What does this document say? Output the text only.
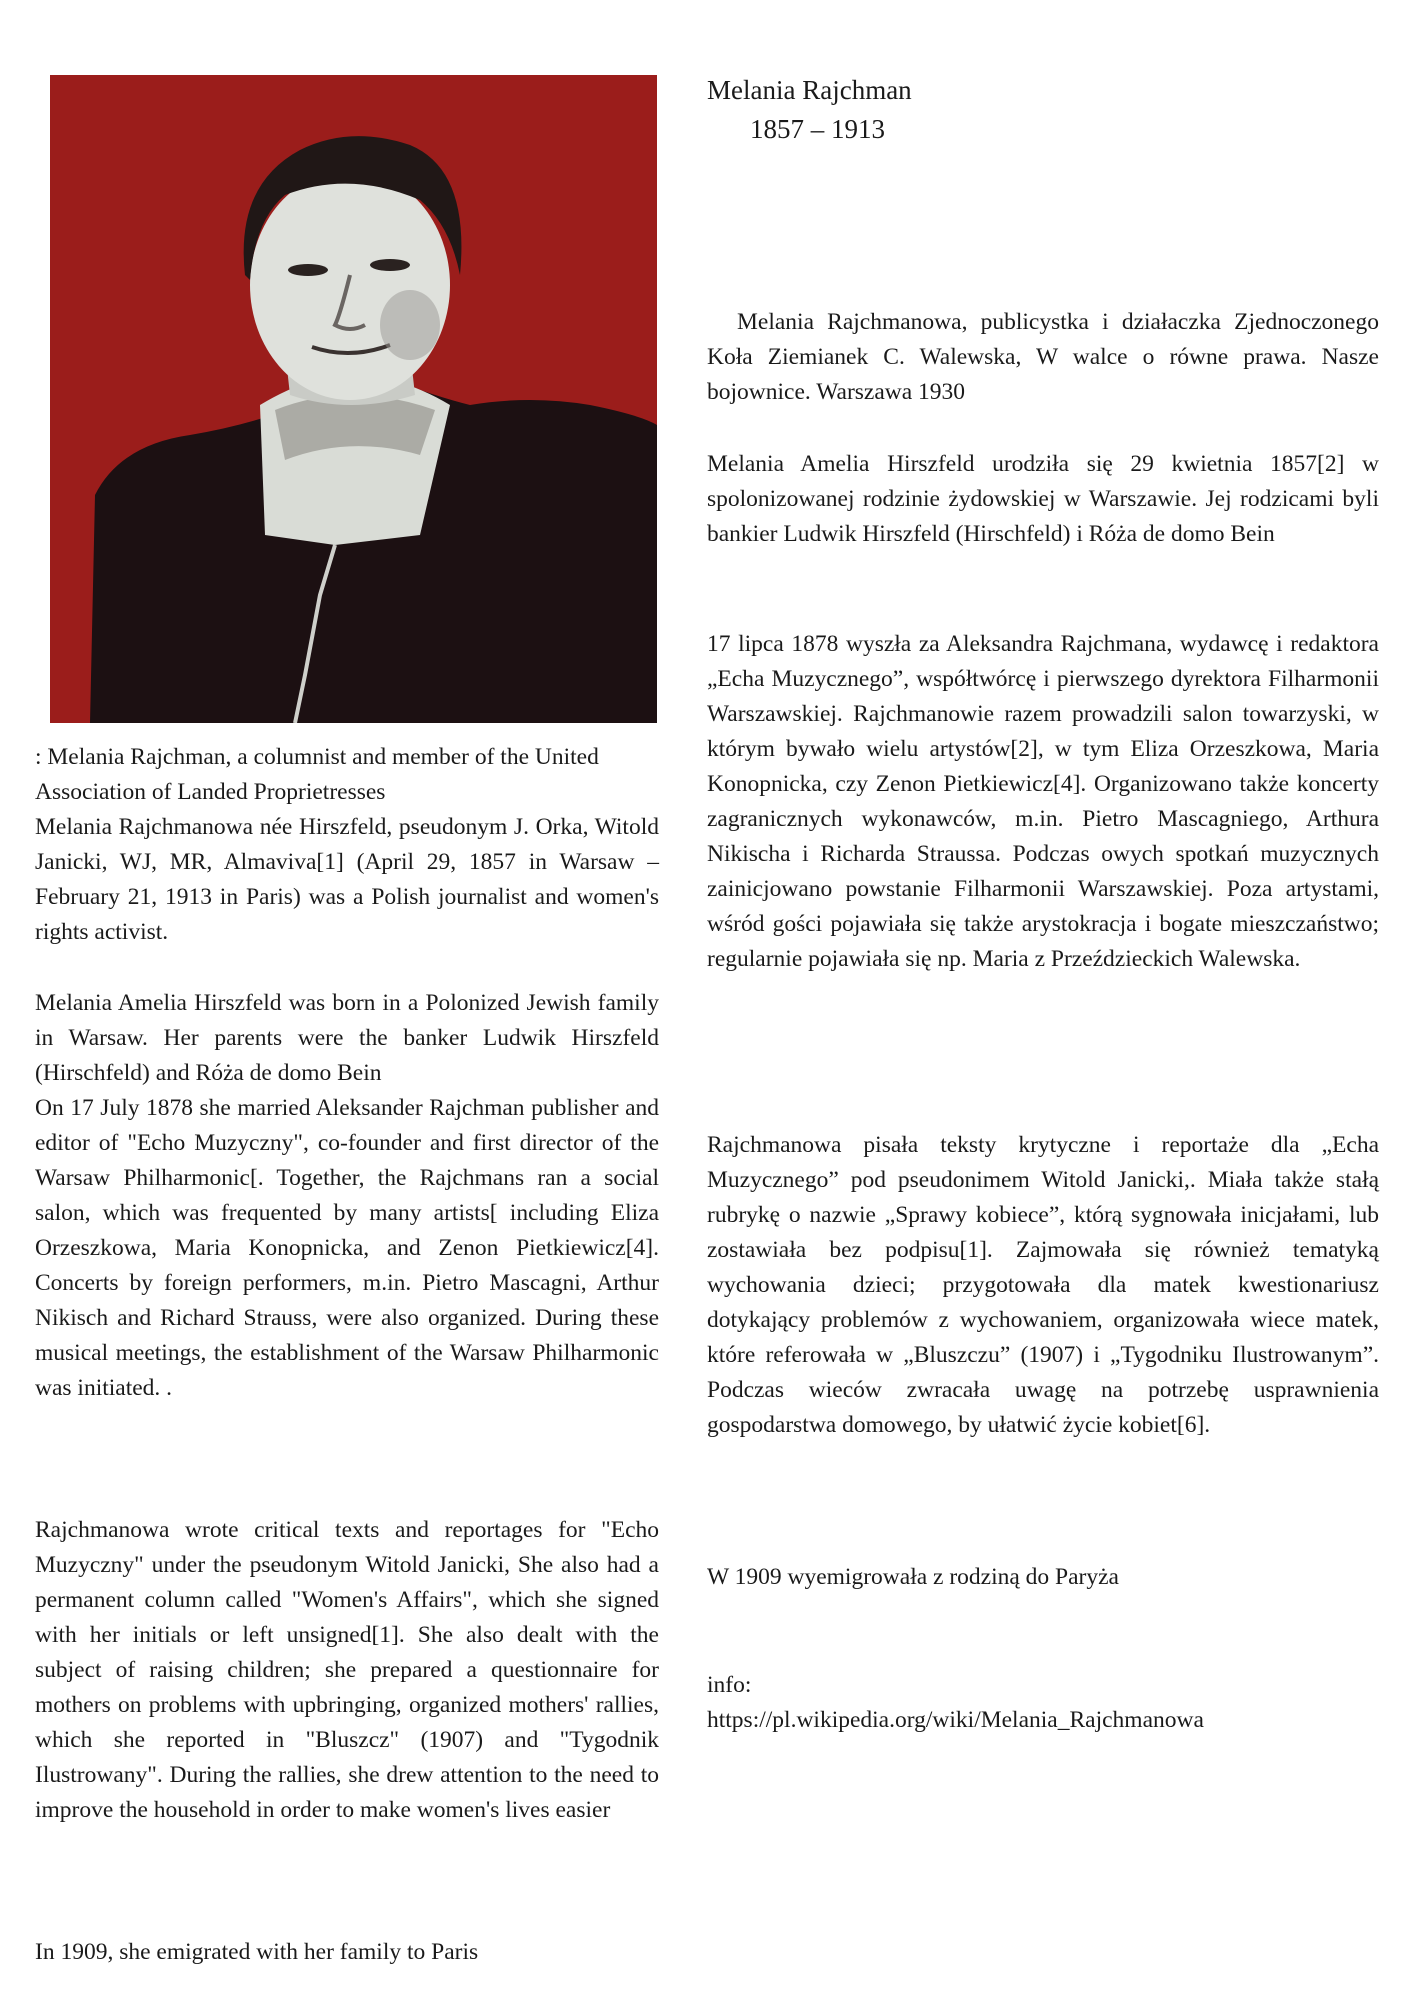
Melania Rajchman
1857 – 1913

: Melania Rajchman, a columnist and member of the United Association of Landed Proprietresses

Melania Rajchmanowa née Hirszfeld, pseudonym J. Orka, Witold Janicki, WJ, MR, Almaviva[1] (April 29, 1857 in Warsaw – February 21, 1913 in Paris) was a Polish journalist and women's rights activist.

Melania Amelia Hirszfeld was born in a Polonized Jewish family in Warsaw. Her parents were the banker Ludwik Hirszfeld (Hirschfeld) and Róża de domo Bein

On 17 July 1878 she married Aleksander Rajchman publisher and editor of "Echo Muzyczny", co-founder and first director of the Warsaw Philharmonic[. Together, the Rajchmans ran a social salon, which was frequented by many artists[ including Eliza Orzeszkowa, Maria Konopnicka, and Zenon Pietkiewicz[4]. Concerts by foreign performers, m.in. Pietro Mascagni, Arthur Nikisch and Richard Strauss, were also organized. During these musical meetings, the establishment of the Warsaw Philharmonic was initiated. .

Rajchmanowa wrote critical texts and reportages for "Echo Muzyczny" under the pseudonym Witold Janicki, She also had a permanent column called "Women's Affairs", which she signed with her initials or left unsigned[1]. She also dealt with the subject of raising children; she prepared a questionnaire for mothers on problems with upbringing, organized mothers' rallies, which she reported in "Bluszcz" (1907) and "Tygodnik Ilustrowany". During the rallies, she drew attention to the need to improve the household in order to make women's lives easier

In 1909, she emigrated with her family to Paris

Melania Rajchmanowa, publicystka i działaczka Zjednoczonego Koła Ziemianek C. Walewska, W walce o równe prawa. Nasze bojownice. Warszawa 1930

Melania Amelia Hirszfeld urodziła się 29 kwietnia 1857[2] w spolonizowanej rodzinie żydowskiej w Warszawie. Jej rodzicami byli bankier Ludwik Hirszfeld (Hirschfeld) i Róża de domo Bein

17 lipca 1878 wyszła za Aleksandra Rajchmana, wydawcę i redaktora „Echa Muzycznego”, współtwórcę i pierwszego dyrektora Filharmonii Warszawskiej. Rajchmanowie razem prowadzili salon towarzyski, w którym bywało wielu artystów[2], w tym Eliza Orzeszkowa, Maria Konopnicka, czy Zenon Pietkiewicz[4]. Organizowano także koncerty zagranicznych wykonawców, m.in. Pietro Mascagniego, Arthura Nikischa i Richarda Straussa. Podczas owych spotkań muzycznych zainicjowano powstanie Filharmonii Warszawskiej. Poza artystami, wśród gości pojawiała się także arystokracja i bogate mieszczaństwo; regularnie pojawiała się np. Maria z Przeździeckich Walewska.

Rajchmanowa pisała teksty krytyczne i reportaże dla „Echa Muzycznego” pod pseudonimem Witold Janicki,. Miała także stałą rubrykę o nazwie „Sprawy kobiece”, którą sygnowała inicjałami, lub zostawiała bez podpisu[1]. Zajmowała się również tematyką wychowania dzieci; przygotowała dla matek kwestionariusz dotykający problemów z wychowaniem, organizowała wiece matek, które referowała w „Bluszczu” (1907) i „Tygodniku Ilustrowanym”. Podczas wieców zwracała uwagę na potrzebę usprawnienia gospodarstwa domowego, by ułatwić życie kobiet[6].

W 1909 wyemigrowała z rodziną do Paryża

info:

https://pl.wikipedia.org/wiki/Melania_Rajchmanowa
